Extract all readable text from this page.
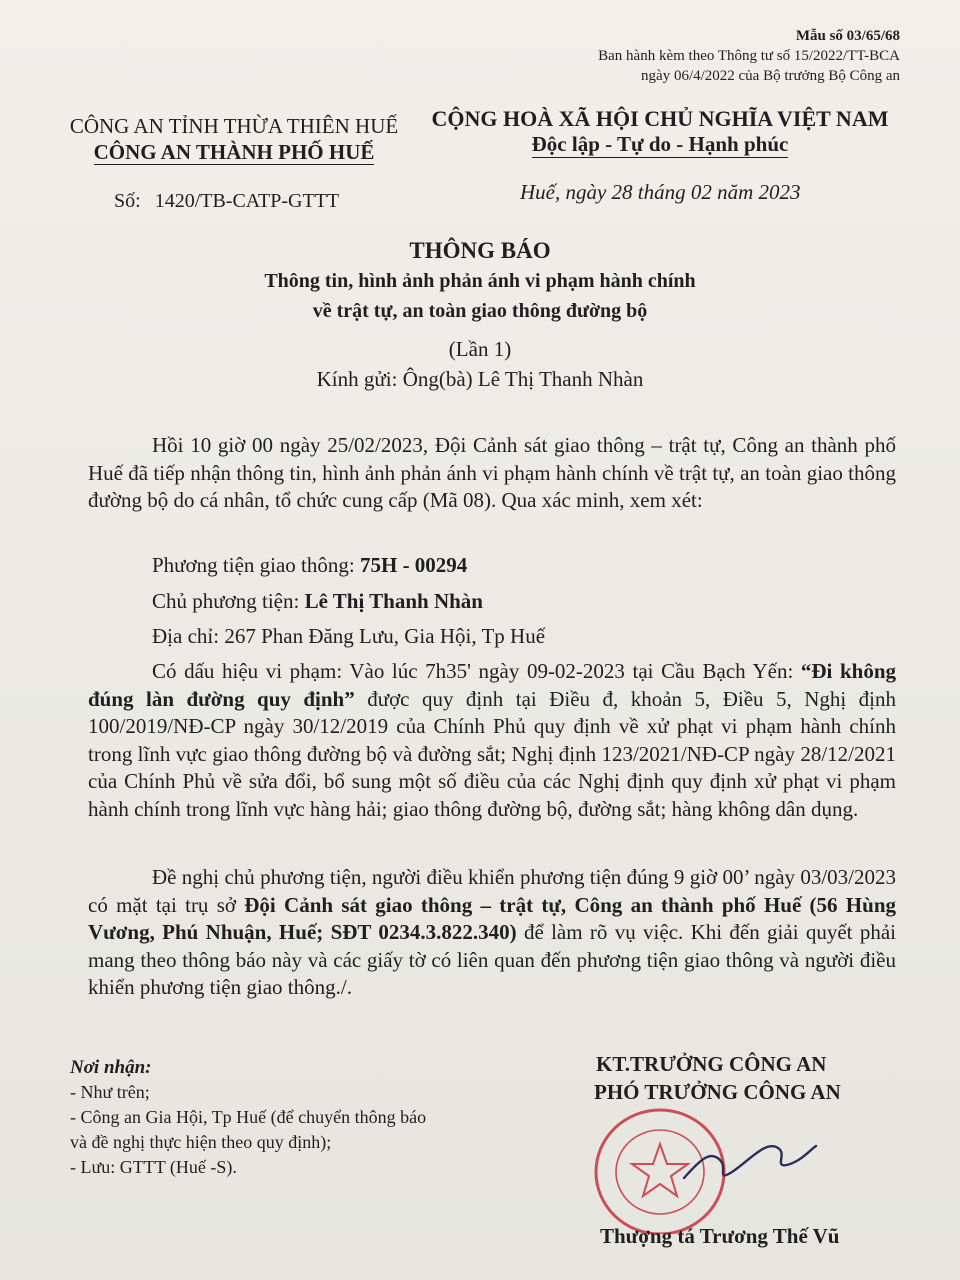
Mẫu số 03/65/68
Ban hành kèm theo Thông tư số 15/2022/TT-BCA
ngày 06/4/2022 của Bộ trưởng Bộ Công an
CÔNG AN TỈNH THỪA THIÊN HUẾ
CÔNG AN THÀNH PHỐ HUẾ
CỘNG HOÀ XÃ HỘI CHỦ NGHĨA VIỆT NAM
Độc lập - Tự do - Hạnh phúc
Số: 1420/TB-CATP-GTTT	Huế, ngày 28 tháng 02 năm 2023
THÔNG BÁO
Thông tin, hình ảnh phản ánh vi phạm hành chính
về trật tự, an toàn giao thông đường bộ
(Lần 1)
Kính gửi: Ông(bà) Lê Thị Thanh Nhàn
Hồi 10 giờ 00 ngày 25/02/2023, Đội Cảnh sát giao thông – trật tự, Công an thành phố Huế đã tiếp nhận thông tin, hình ảnh phản ánh vi phạm hành chính về trật tự, an toàn giao thông đường bộ do cá nhân, tổ chức cung cấp (Mã 08). Qua xác minh, xem xét:
Phương tiện giao thông: 75H - 00294
Chủ phương tiện: Lê Thị Thanh Nhàn
Địa chỉ: 267 Phan Đăng Lưu, Gia Hội, Tp Huế
Có dấu hiệu vi phạm: Vào lúc 7h35' ngày 09-02-2023 tại Cầu Bạch Yến: “Đi không đúng làn đường quy định” được quy định tại Điều đ, khoản 5, Điều 5, Nghị định 100/2019/NĐ-CP ngày 30/12/2019 của Chính Phủ quy định về xử phạt vi phạm hành chính trong lĩnh vực giao thông đường bộ và đường sắt; Nghị định 123/2021/NĐ-CP ngày 28/12/2021 của Chính Phủ về sửa đổi, bổ sung một số điều của các Nghị định quy định xử phạt vi phạm hành chính trong lĩnh vực hàng hải; giao thông đường bộ, đường sắt; hàng không dân dụng.
Đề nghị chủ phương tiện, người điều khiển phương tiện đúng 9 giờ 00’ ngày 03/03/2023 có mặt tại trụ sở Đội Cảnh sát giao thông – trật tự, Công an thành phố Huế (56 Hùng Vương, Phú Nhuận, Huế; SĐT 0234.3.822.340) để làm rõ vụ việc. Khi đến giải quyết phải mang theo thông báo này và các giấy tờ có liên quan đến phương tiện giao thông và người điều khiển phương tiện giao thông./.
Nơi nhận:
- Như trên;
- Công an Gia Hội, Tp Huế (để chuyển thông báo
và đề nghị thực hiện theo quy định);
- Lưu: GTTT (Huế -S).
KT.TRƯỞNG CÔNG AN
PHÓ TRƯỞNG CÔNG AN
Thượng tá Trương Thế Vũ
